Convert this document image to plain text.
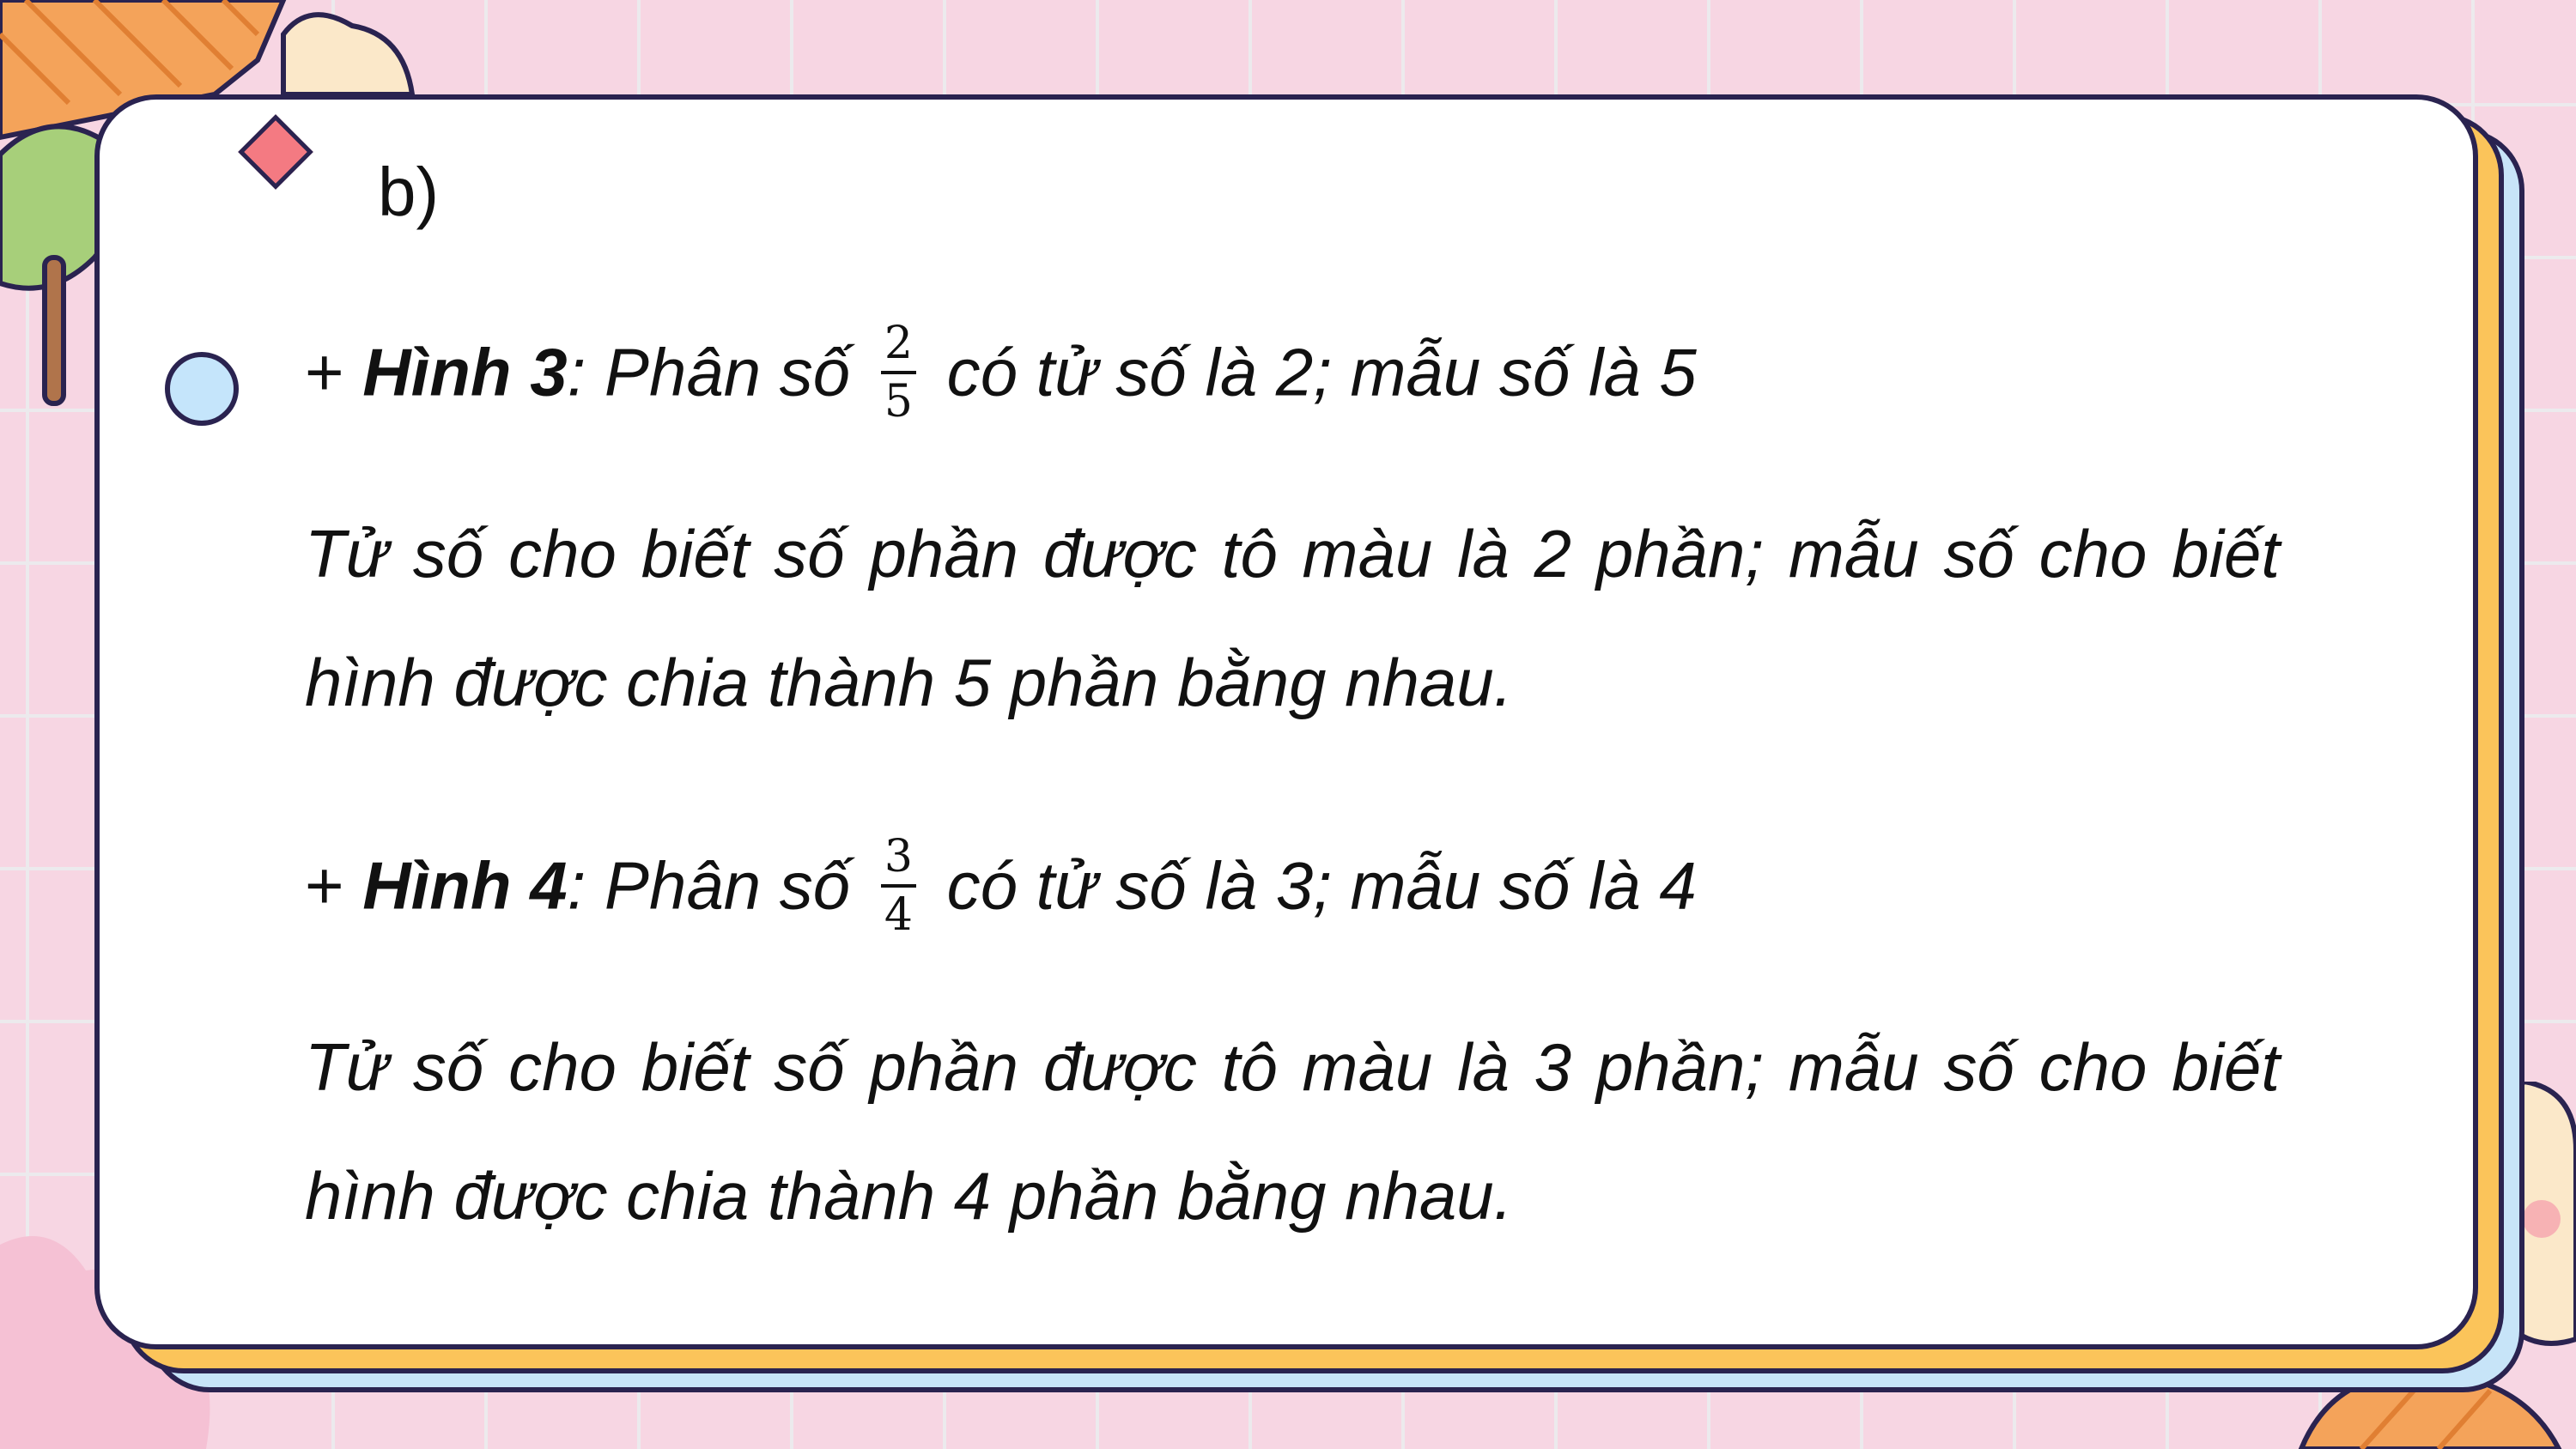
b)
+ Hình 3: Phân số $\frac{2}{5}$ có tử số là 2; mẫu số là 5
Tử số cho biết số phần được tô màu là 2 phần; mẫu số cho biết hình được chia thành 5 phần bằng nhau.
+ Hình 4: Phân số $\frac{3}{4}$ có tử số là 3; mẫu số là 4
Tử số cho biết số phần được tô màu là 3 phần; mẫu số cho biết hình được chia thành 4 phần bằng nhau.
